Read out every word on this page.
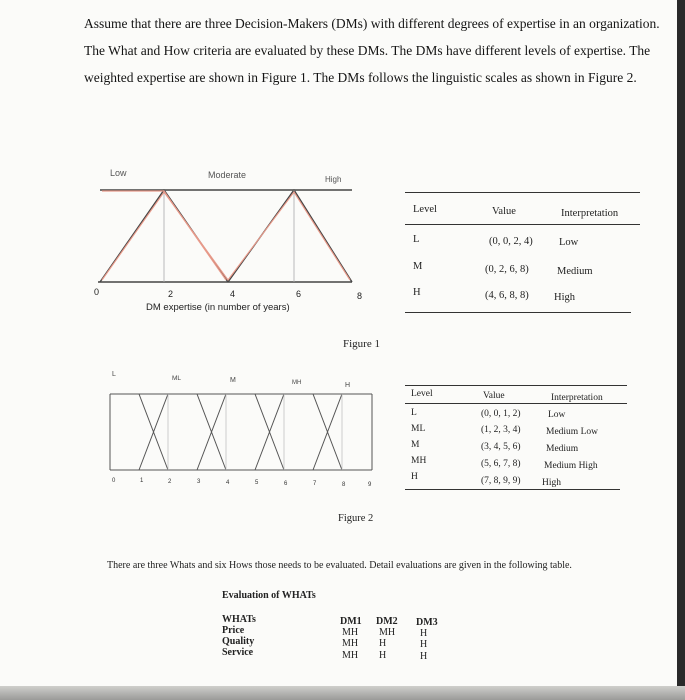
Assume that there are three Decision-Makers (DMs) with different degrees of expertise in an organization. The What and How criteria are evaluated by these DMs. The DMs have different levels of expertise. The weighted expertise are shown in Figure 1. The DMs follows the linguistic scales as shown in Figure 2.

Low	Moderate	High
0	2	4	6	8
DM expertise (in number of years)
Level	Value	Interpretation
L	(0, 0, 2, 4)	Low
M	(0, 2, 6, 8)	Medium
H	(4, 6, 8, 8) High
Figure 1
L
ML	M	MH	H
0	1	2	3	4	5	6	7	8	9
Level	Value	Interpretation
L	(0, 0, 1, 2)	Low
ML	(1, 2, 3, 4)	Medium Low
M	(3, 4, 5, 6)	Medium
MH	(5, 6, 7, 8) Medium High
H	(7, 8, 9, 9) High
Figure 2
There are three Whats and six Hows those needs to be evaluated. Detail evaluations are given in the following table.
Evaluation of WHATs
WHATs	DM1 DM2 DM3
Price	MH MH H
Quality	MH H	H
Service	MH H	H
